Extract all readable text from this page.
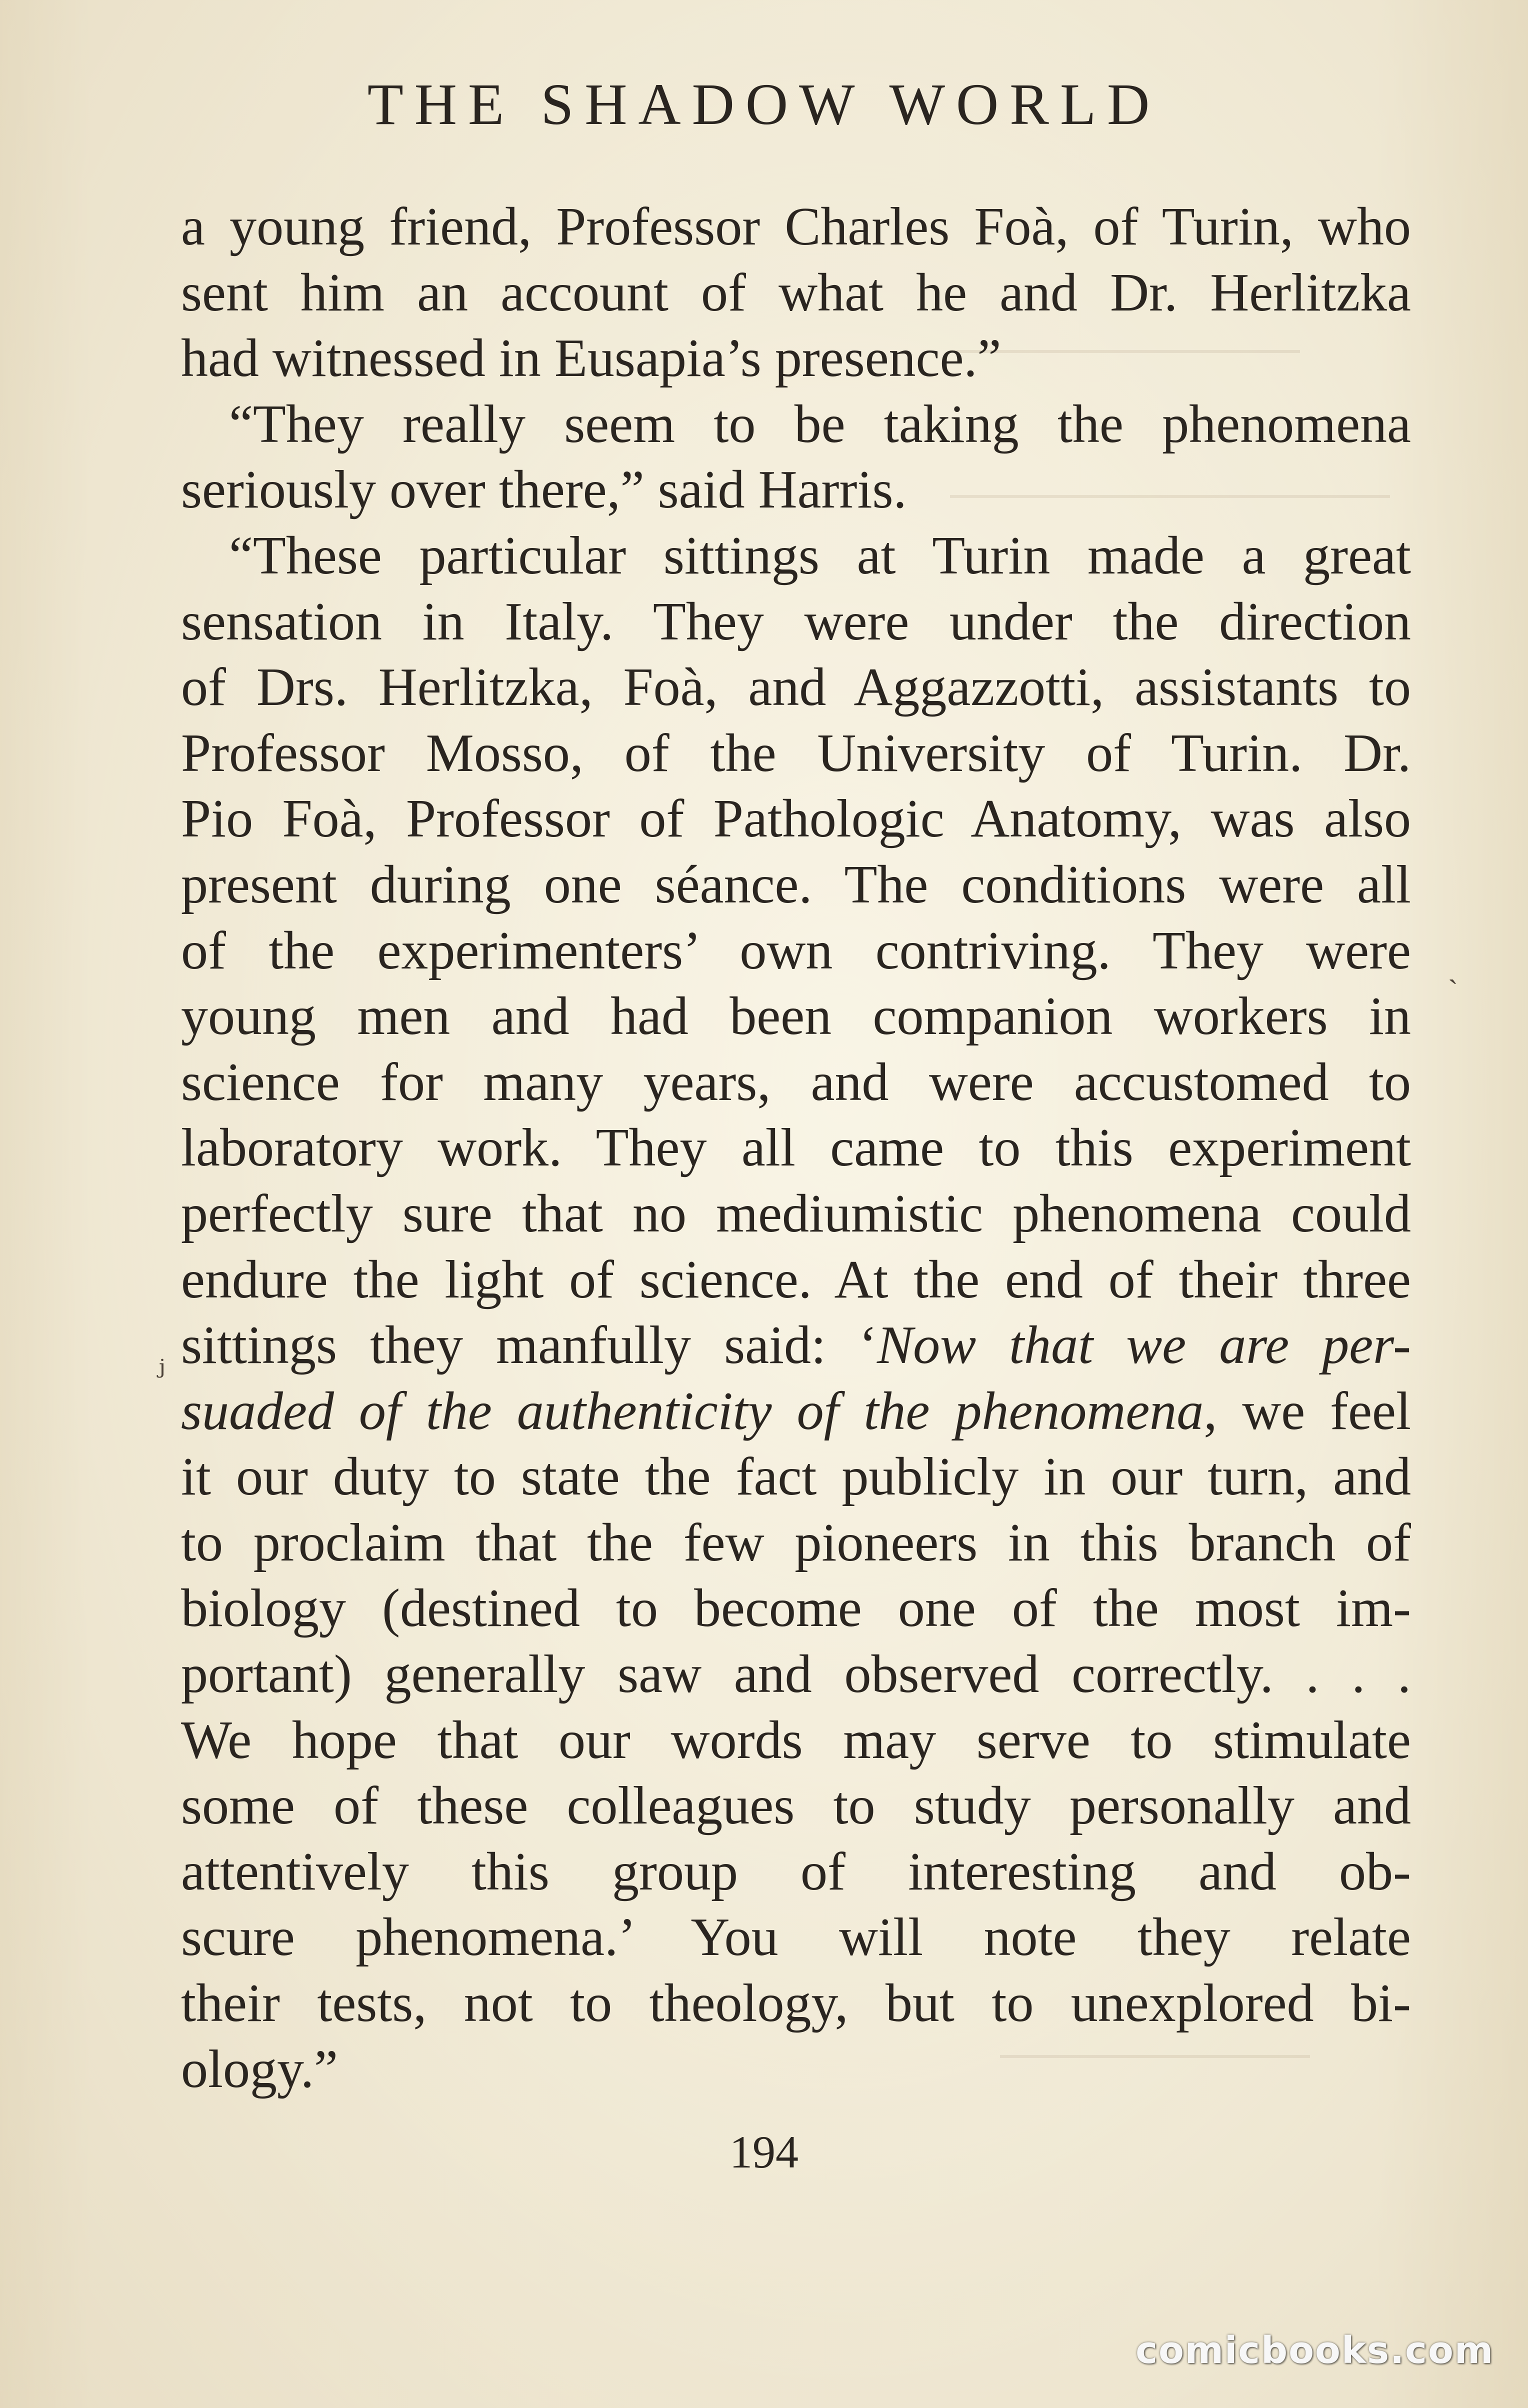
THE SHADOW WORLD
a young friend, Professor Charles Foà, of Turin, who
sent him an account of what he and Dr. Herlitzka
had witnessed in Eusapia’s presence.”
“They really seem to be taking the phenomena
seriously over there,” said Harris.
“These particular sittings at Turin made a great
sensation in Italy. They were under the direction
of Drs. Herlitzka, Foà, and Aggazzotti, assistants to
Professor Mosso, of the University of Turin. Dr.
Pio Foà, Professor of Pathologic Anatomy, was also
present during one séance. The conditions were all
of the experimenters’ own contriving. They were
young men and had been companion workers in
science for many years, and were accustomed to
laboratory work. They all came to this experiment
perfectly sure that no mediumistic phenomena could
endure the light of science. At the end of their three
sittings they manfully said: ‘Now that we are per-
suaded of the authenticity of the phenomena, we feel
it our duty to state the fact publicly in our turn, and
to proclaim that the few pioneers in this branch of
biology (destined to become one of the most im-
portant) generally saw and observed correctly. . . .
We hope that our words may serve to stimulate
some of these colleagues to study personally and
attentively this group of interesting and ob-
scure phenomena.’ You will note they relate
their tests, not to theology, but to unexplored bi-
ology.”
194
ⱼ
ˎ
comicbooks.com
